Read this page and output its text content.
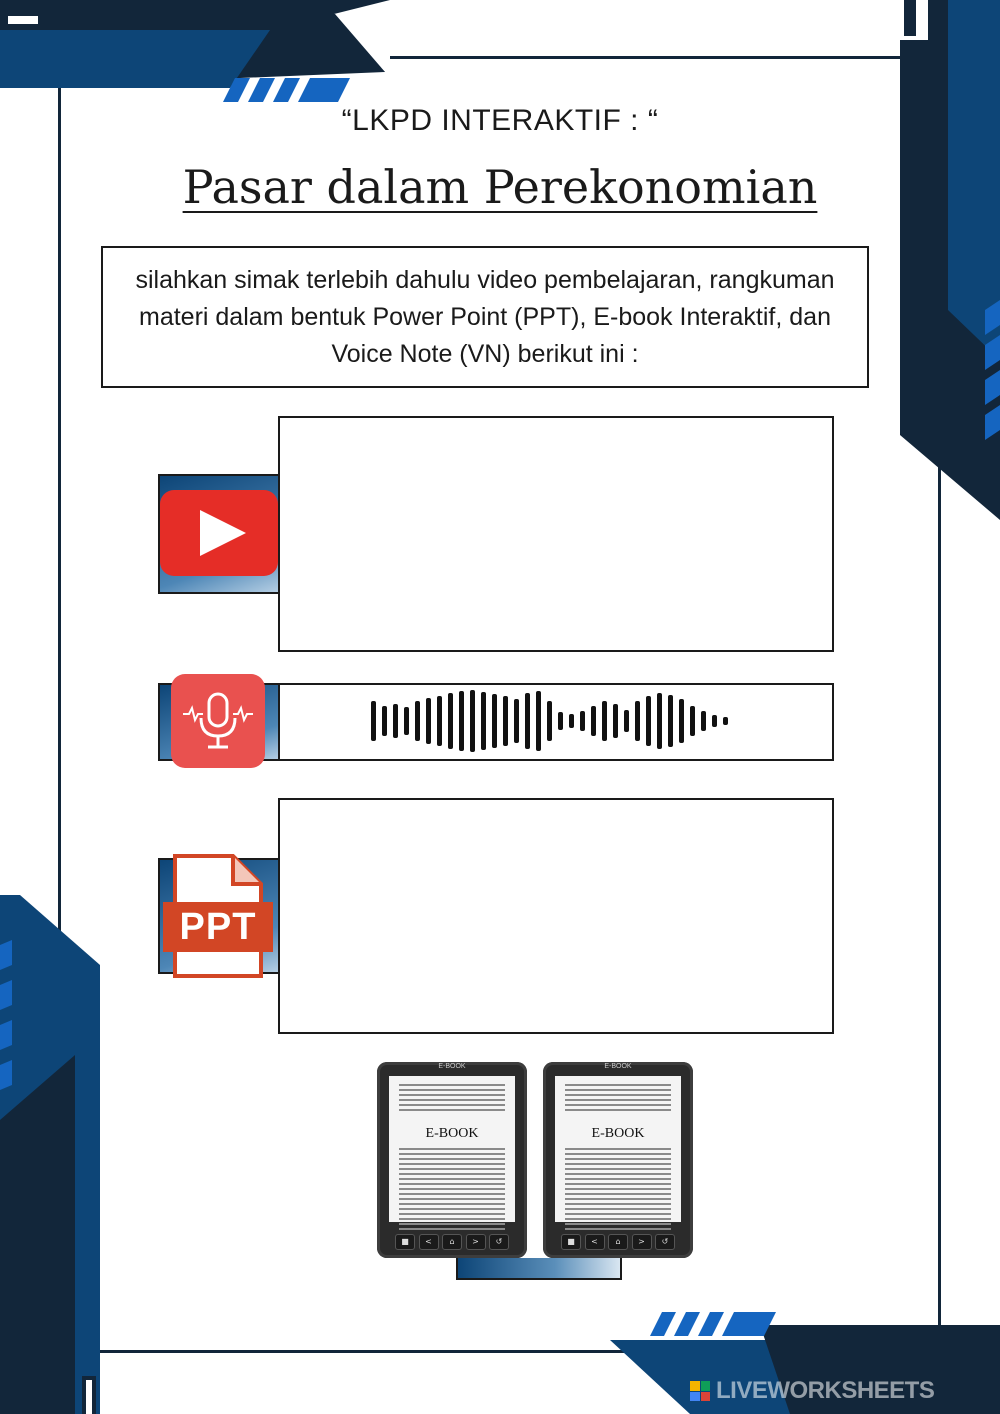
“LKPD INTERAKTIF : “
Pasar dalam Perekonomian
silahkan simak terlebih dahulu video pembelajaran, rangkuman materi dalam bentuk Power Point (PPT), E-book Interaktif, dan Voice Note (VN) berikut ini :
PPT
E-BOOK
E-BOOK
■	<	⌂	>	↺
E-BOOK
E-BOOK
■	<	⌂	>	↺
LIVEWORKSHEETS
